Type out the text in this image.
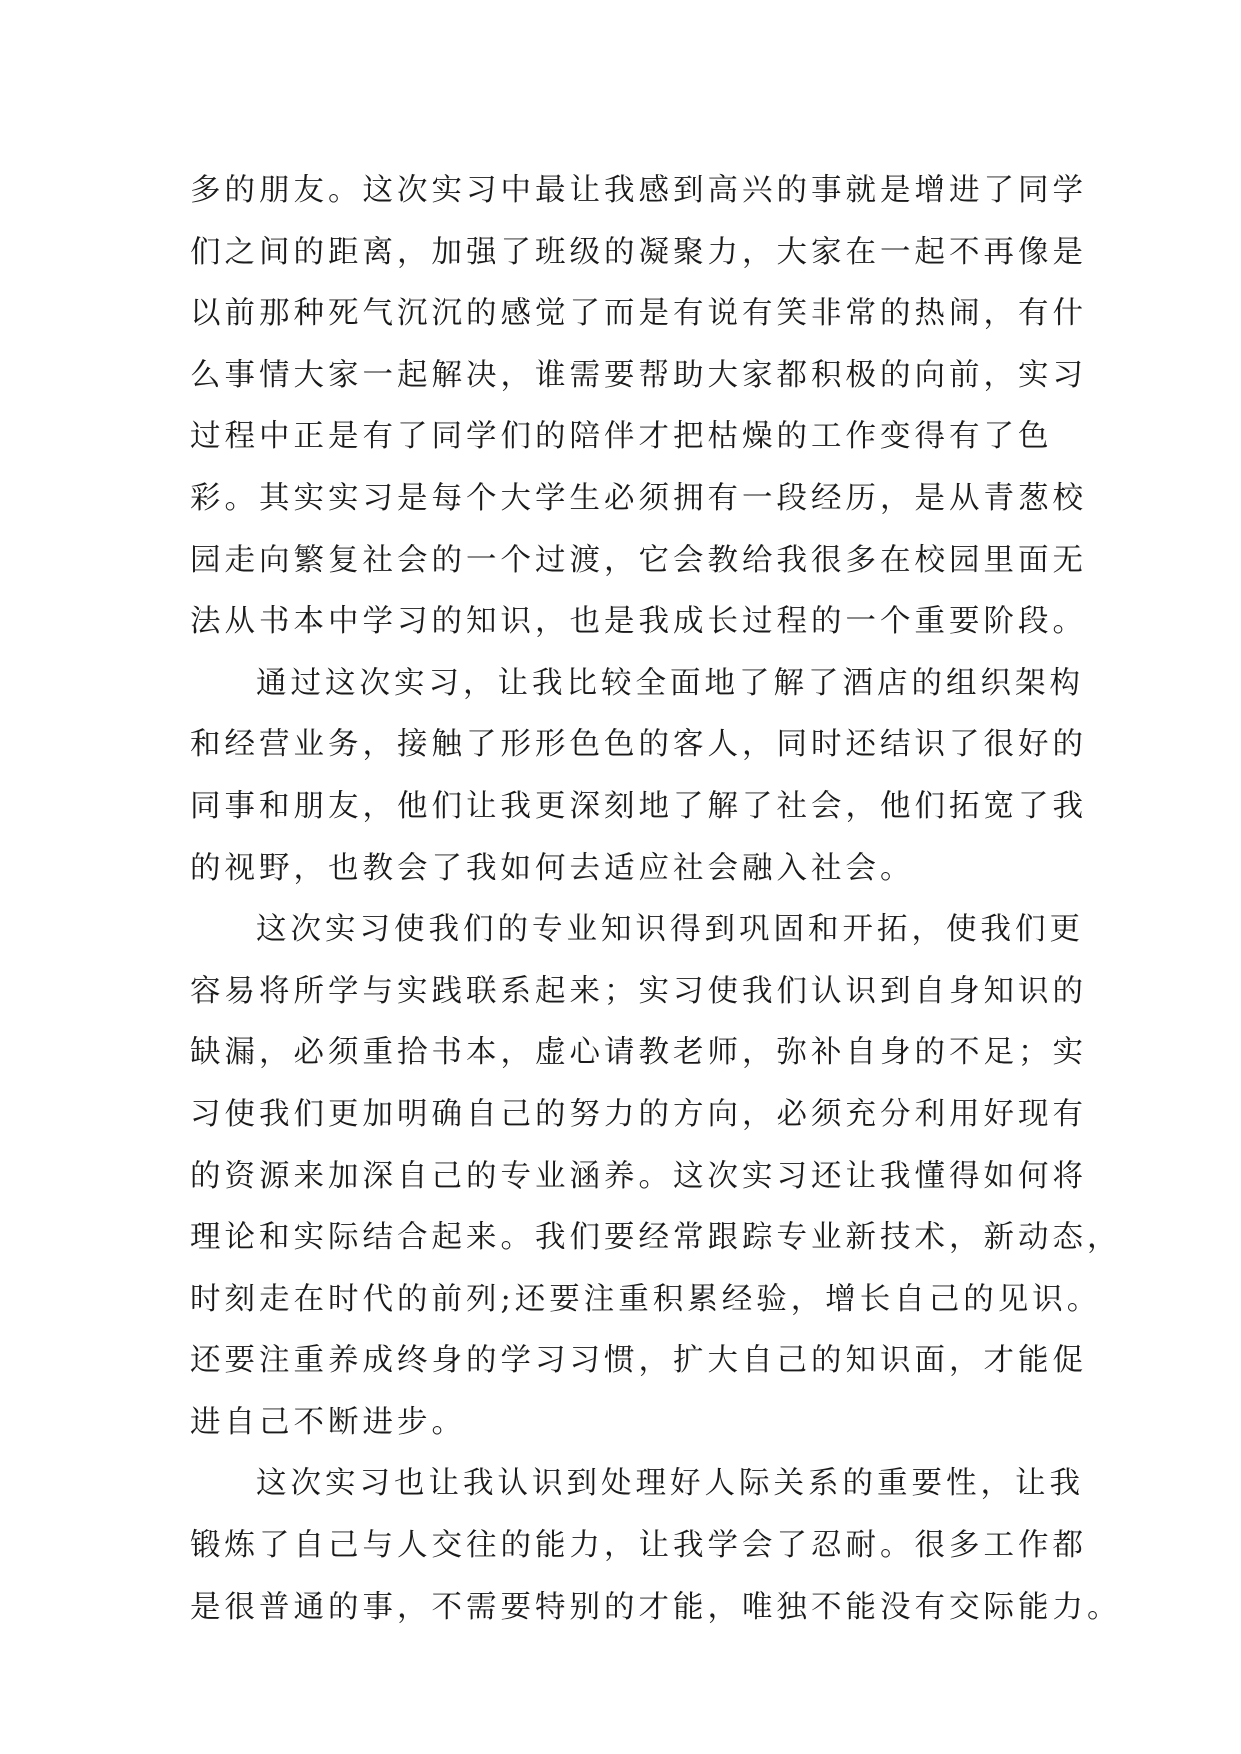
多的朋友。这次实习中最让我感到高兴的事就是增进了同学
们之间的距离，加强了班级的凝聚力，大家在一起不再像是
以前那种死气沉沉的感觉了而是有说有笑非常的热闹，有什
么事情大家一起解决，谁需要帮助大家都积极的向前，实习
过程中正是有了同学们的陪伴才把枯燥的工作变得有了色
彩。其实实习是每个大学生必须拥有一段经历，是从青葱校
园走向繁复社会的一个过渡，它会教给我很多在校园里面无
法从书本中学习的知识，也是我成长过程的一个重要阶段。
通过这次实习，让我比较全面地了解了酒店的组织架构
和经营业务，接触了形形色色的客人，同时还结识了很好的
同事和朋友，他们让我更深刻地了解了社会，他们拓宽了我
的视野，也教会了我如何去适应社会融入社会。
这次实习使我们的专业知识得到巩固和开拓，使我们更
容易将所学与实践联系起来；实习使我们认识到自身知识的
缺漏，必须重拾书本，虚心请教老师，弥补自身的不足；实
习使我们更加明确自己的努力的方向，必须充分利用好现有
的资源来加深自己的专业涵养。这次实习还让我懂得如何将
理论和实际结合起来。我们要经常跟踪专业新技术，新动态，
时刻走在时代的前列;还要注重积累经验，增长自己的见识。
还要注重养成终身的学习习惯，扩大自己的知识面，才能促
进自己不断进步。
这次实习也让我认识到处理好人际关系的重要性，让我
锻炼了自己与人交往的能力，让我学会了忍耐。很多工作都
是很普通的事，不需要特别的才能，唯独不能没有交际能力。
